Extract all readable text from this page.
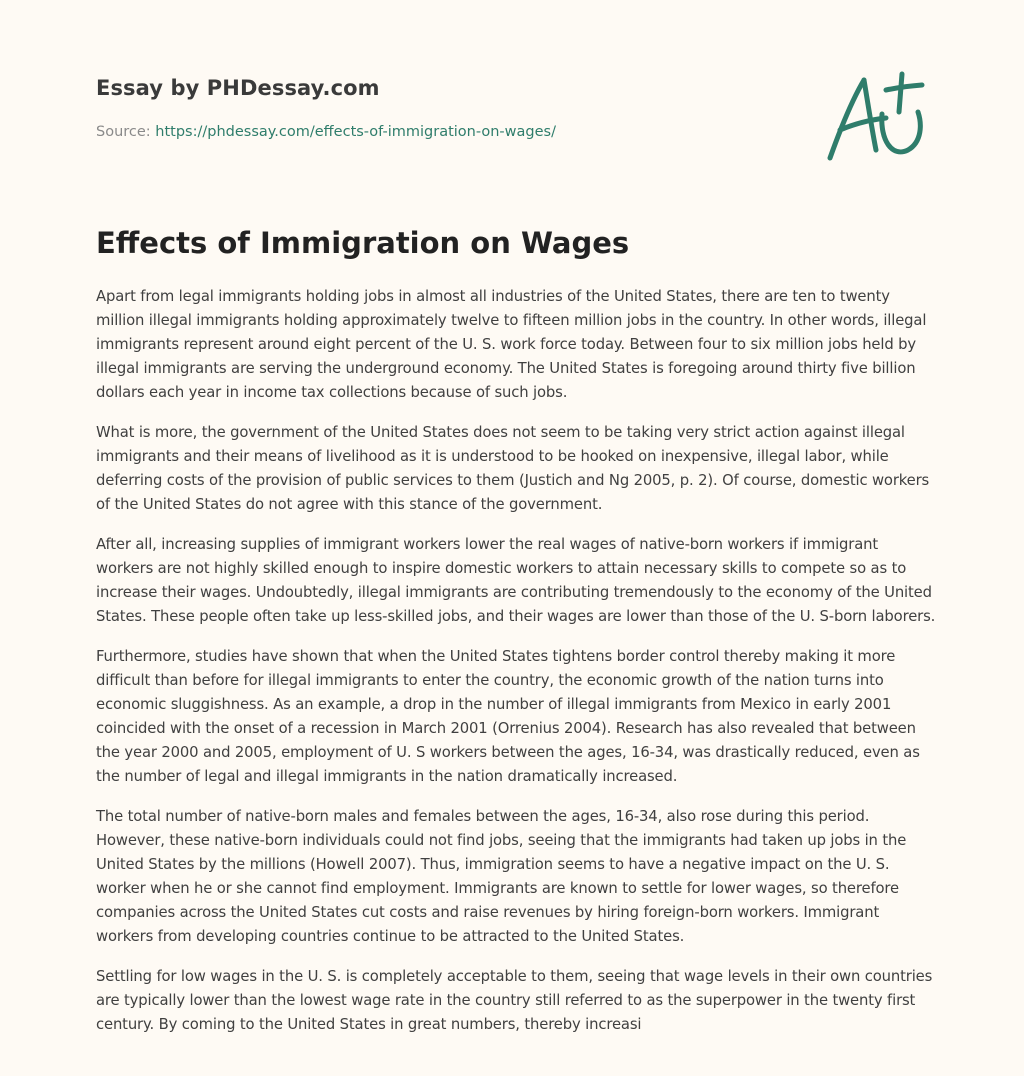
Essay by PHDessay.com

Source: https://phdessay.com/effects-of-immigration-on-wages/

Effects of Immigration on Wages

Apart from legal immigrants holding jobs in almost all industries of the United States, there are ten to twenty million illegal immigrants holding approximately twelve to fifteen million jobs in the country. In other words, illegal immigrants represent around eight percent of the U. S. work force today. Between four to six million jobs held by illegal immigrants are serving the underground economy. The United States is foregoing around thirty five billion dollars each year in income tax collections because of such jobs.

What is more, the government of the United States does not seem to be taking very strict action against illegal immigrants and their means of livelihood as it is understood to be hooked on inexpensive, illegal labor, while deferring costs of the provision of public services to them (Justich and Ng 2005, p. 2). Of course, domestic workers of the United States do not agree with this stance of the government.

After all, increasing supplies of immigrant workers lower the real wages of native-born workers if immigrant workers are not highly skilled enough to inspire domestic workers to attain necessary skills to compete so as to increase their wages. Undoubtedly, illegal immigrants are contributing tremendously to the economy of the United States. These people often take up less-skilled jobs, and their wages are lower than those of the U. S-born laborers.

Furthermore, studies have shown that when the United States tightens border control thereby making it more difficult than before for illegal immigrants to enter the country, the economic growth of the nation turns into economic sluggishness. As an example, a drop in the number of illegal immigrants from Mexico in early 2001 coincided with the onset of a recession in March 2001 (Orrenius 2004). Research has also revealed that between the year 2000 and 2005, employment of U. S workers between the ages, 16-34, was drastically reduced, even as the number of legal and illegal immigrants in the nation dramatically increased.

The total number of native-born males and females between the ages, 16-34, also rose during this period. However, these native-born individuals could not find jobs, seeing that the immigrants had taken up jobs in the United States by the millions (Howell 2007). Thus, immigration seems to have a negative impact on the U. S. worker when he or she cannot find employment. Immigrants are known to settle for lower wages, so therefore companies across the United States cut costs and raise revenues by hiring foreign-born workers. Immigrant workers from developing countries continue to be attracted to the United States.

Settling for low wages in the U. S. is completely acceptable to them, seeing that wage levels in their own countries are typically lower than the lowest wage rate in the country still referred to as the superpower in the twenty first century. By coming to the United States in great numbers, thereby increasi
